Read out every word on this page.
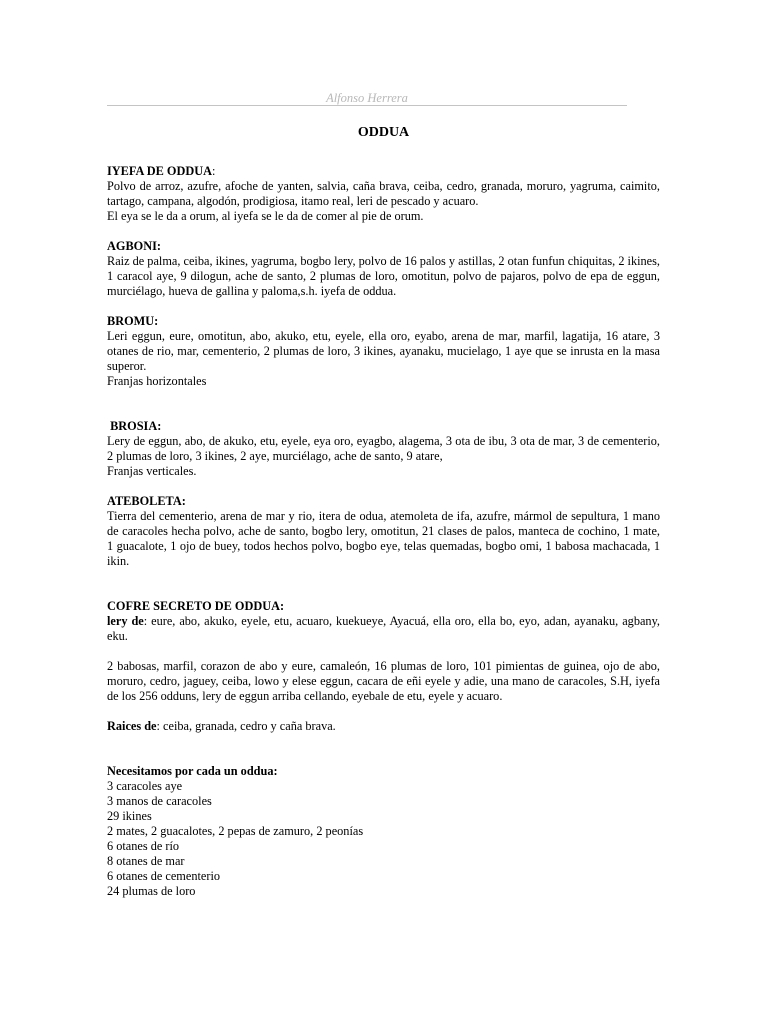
Alfonso Herrera
ODDUA
IYEFA DE ODDUA:

Polvo de arroz, azufre, afoche de yanten, salvia, caña brava, ceiba, cedro, granada, moruro, yagruma, caimito, tartago, campana, algodón, prodigiosa, itamo real, leri de pescado y acuaro.

El eya se le da a orum, al iyefa se le da de comer al pie de orum.

AGBONI:

Raiz de palma, ceiba, ikines, yagruma, bogbo lery, polvo de 16 palos y astillas, 2 otan funfun chiquitas, 2 ikines, 1 caracol aye, 9 dilogun, ache de santo, 2 plumas de loro, omotitun, polvo de pajaros, polvo de epa de eggun, murciélago, hueva de gallina y paloma,s.h. iyefa de oddua.

BROMU:

Leri eggun, eure, omotitun, abo, akuko, etu, eyele, ella oro, eyabo, arena de mar, marfil, lagatija, 16 atare, 3 otanes de rio, mar, cementerio, 2 plumas de loro, 3 ikines, ayanaku, mucielago, 1 aye que se inrusta en la masa superor.

Franjas horizontales

BROSIA:

Lery de eggun, abo, de akuko, etu, eyele, eya oro, eyagbo, alagema, 3 ota de ibu, 3 ota de mar, 3 de cementerio, 2 plumas de loro, 3 ikines, 2 aye, murciélago, ache de santo, 9 atare,

Franjas verticales.

ATEBOLETA:

Tierra del cementerio, arena de mar y rio, itera de odua, atemoleta de ifa, azufre, mármol de sepultura, 1 mano de caracoles hecha polvo, ache de santo, bogbo lery, omotitun, 21 clases de palos, manteca de cochino, 1 mate, 1 guacalote, 1 ojo de buey, todos hechos polvo, bogbo eye, telas quemadas, bogbo omi, 1 babosa machacada, 1 ikin.

COFRE SECRETO DE ODDUA:

lery de: eure, abo, akuko, eyele, etu, acuaro, kuekueye, Ayacuá, ella oro, ella bo, eyo, adan, ayanaku, agbany, eku.

2 babosas, marfil, corazon de abo y eure, camaleón, 16 plumas de loro, 101 pimientas de guinea, ojo de abo, moruro, cedro, jaguey, ceiba, lowo y elese eggun, cacara de eñi eyele y adie, una mano de caracoles, S.H, iyefa de los 256 odduns, lery de eggun arriba cellando, eyebale de etu, eyele y acuaro.

Raices de: ceiba, granada, cedro y caña brava.

Necesitamos por cada un oddua:
3 caracoles aye
3 manos de caracoles
29 ikines
2 mates, 2 guacalotes, 2 pepas de zamuro, 2 peonías
6 otanes de río
8 otanes de mar
6 otanes de cementerio
24 plumas de loro
